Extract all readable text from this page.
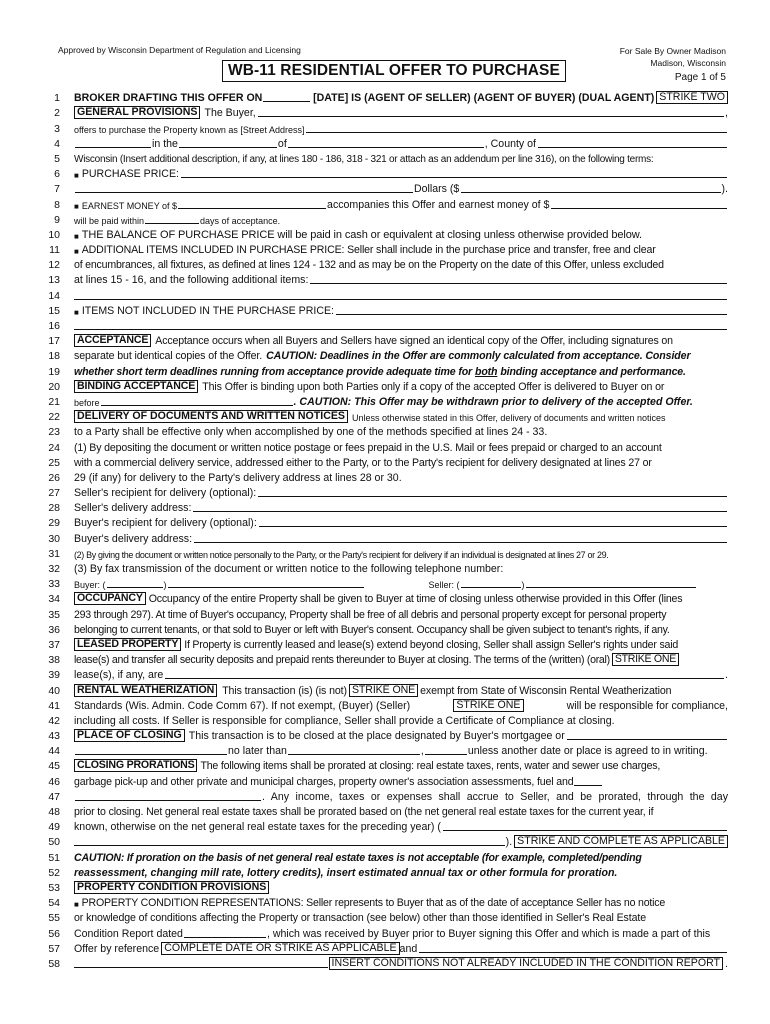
Approved by Wisconsin Department of Regulation and Licensing	For Sale By Owner Madison
Madison, Wisconsin
Page 1 of 5
WB-11 RESIDENTIAL OFFER TO PURCHASE
1	BROKER DRAFTING THIS OFFER ON	[DATE] IS (AGENT OF SELLER) (AGENT OF BUYER) (DUAL AGENT) STRIKE TWO
2	GENERAL PROVISIONS The Buyer,	,
3	offers to purchase the Property known as [Street Address]
4	in the	of	, County of
5	Wisconsin (Insert additional description, if any, at lines 180 - 186, 318 - 321 or attach as an addendum per line 316), on the following terms:
6	■ PURCHASE PRICE:
7	Dollars ($	).
8	■ EARNEST MONEY of $	accompanies this Offer and earnest money of $
9	will be paid within	days of acceptance.
10	■ THE BALANCE OF PURCHASE PRICE will be paid in cash or equivalent at closing unless otherwise provided below.
11	■ ADDITIONAL ITEMS INCLUDED IN PURCHASE PRICE: Seller shall include in the purchase price and transfer, free and clear
12	of encumbrances, all fixtures, as defined at lines 124 - 132 and as may be on the Property on the date of this Offer, unless excluded
13	at lines 15 - 16, and the following additional items:
14
15	■ ITEMS NOT INCLUDED IN THE PURCHASE PRICE:
16
17	ACCEPTANCE Acceptance occurs when all Buyers and Sellers have signed an identical copy of the Offer, including signatures on
18	separate but identical copies of the Offer. CAUTION: Deadlines in the Offer are commonly calculated from acceptance. Consider
19	whether short term deadlines running from acceptance provide adequate time for both binding acceptance and performance.
20	BINDING ACCEPTANCE This Offer is binding upon both Parties only if a copy of the accepted Offer is delivered to Buyer on or
21	before	. CAUTION: This Offer may be withdrawn prior to delivery of the accepted Offer.
22	DELIVERY OF DOCUMENTS AND WRITTEN NOTICES Unless otherwise stated in this Offer, delivery of documents and written notices
23	to a Party shall be effective only when accomplished by one of the methods specified at lines 24 - 33.
24	(1) By depositing the document or written notice postage or fees prepaid in the U.S. Mail or fees prepaid or charged to an account
25	with a commercial delivery service, addressed either to the Party, or to the Party's recipient for delivery designated at lines 27 or
26	29 (if any) for delivery to the Party's delivery address at lines 28 or 30.
27	Seller's recipient for delivery (optional):
28	Seller's delivery address:
29	Buyer's recipient for delivery (optional):
30	Buyer's delivery address:
31	(2) By giving the document or written notice personally to the Party, or the Party's recipient for delivery if an individual is designated at lines 27 or 29.
32	(3) By fax transmission of the document or written notice to the following telephone number:
33	Buyer: (	)	Seller: (	)
34	OCCUPANCY Occupancy of the entire Property shall be given to Buyer at time of closing unless otherwise provided in this Offer (lines
35	293 through 297). At time of Buyer's occupancy, Property shall be free of all debris and personal property except for personal property
36	belonging to current tenants, or that sold to Buyer or left with Buyer's consent. Occupancy shall be given subject to tenant's rights, if any.
37	LEASED PROPERTY If Property is currently leased and lease(s) extend beyond closing, Seller shall assign Seller's rights under said
38	lease(s) and transfer all security deposits and prepaid rents thereunder to Buyer at closing. The terms of the (written) (oral) STRIKE ONE
39	lease(s), if any, are	.
40	RENTAL WEATHERIZATION This transaction (is) (is not) STRIKE ONE exempt from State of Wisconsin Rental Weatherization
41	Standards (Wis. Admin. Code Comm 67). If not exempt, (Buyer) (Seller)	STRIKE ONE	will be responsible for compliance,
42	including all costs. If Seller is responsible for compliance, Seller shall provide a Certificate of Compliance at closing.
43	PLACE OF CLOSING This transaction is to be closed at the place designated by Buyer's mortgagee or
44	no later than	,	unless another date or place is agreed to in writing.
45	CLOSING PRORATIONS The following items shall be prorated at closing: real estate taxes, rents, water and sewer use charges,
46	garbage pick-up and other private and municipal charges, property owner's association assessments, fuel and
47	. Any income, taxes or expenses shall accrue to Seller, and be prorated, through the day
48	prior to closing. Net general real estate taxes shall be prorated based on (the net general real estate taxes for the current year, if
49	known, otherwise on the net general real estate taxes for the preceding year) (
50	). STRIKE AND COMPLETE AS APPLICABLE
51	CAUTION: If proration on the basis of net general real estate taxes is not acceptable (for example, completed/pending
52	reassessment, changing mill rate, lottery credits), insert estimated annual tax or other formula for proration.
53	PROPERTY CONDITION PROVISIONS
54	■ PROPERTY CONDITION REPRESENTATIONS: Seller represents to Buyer that as of the date of acceptance Seller has no notice
55	or knowledge of conditions affecting the Property or transaction (see below) other than those identified in Seller's Real Estate
56	Condition Report dated	, which was received by Buyer prior to Buyer signing this Offer and which is made a part of this
57	Offer by reference COMPLETE DATE OR STRIKE AS APPLICABLE and
58	INSERT CONDITIONS NOT ALREADY INCLUDED IN THE CONDITION REPORT .
